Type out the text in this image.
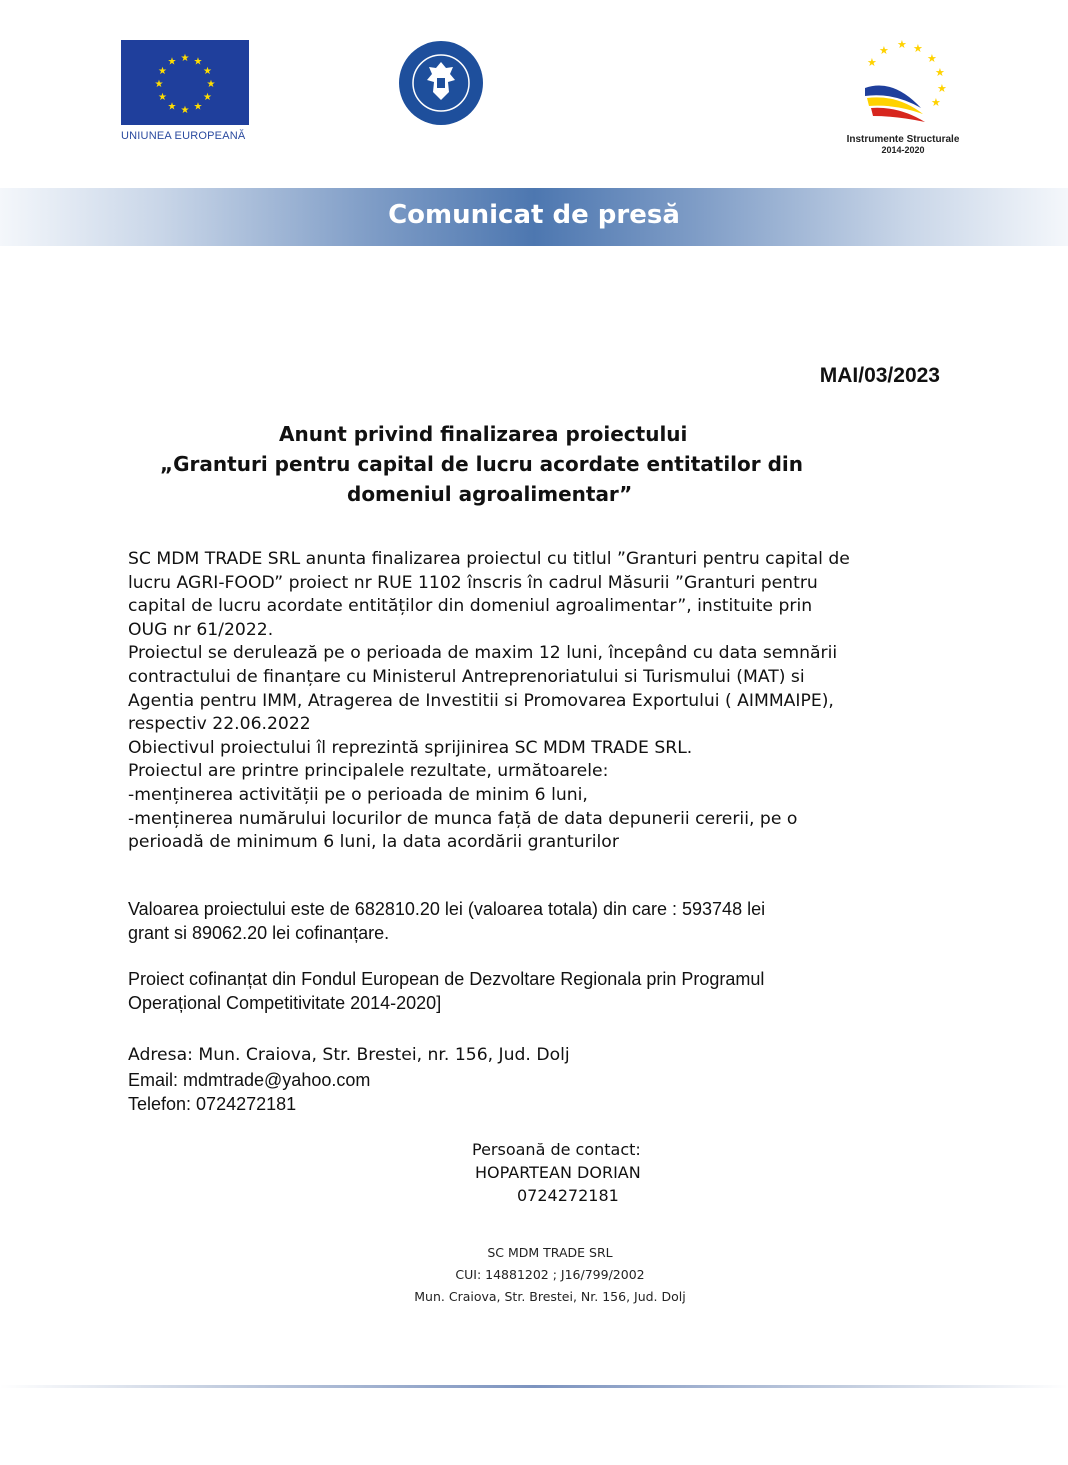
★ ★
★
★
★
★
★
★
★
★
★
★
UNIUNEA EUROPEANĂ
★ ★
★
★
★
★
★
★
Instrumente Structurale
2014-2020
Comunicat de presă
MAI/03/2023
Anunt privind finalizarea proiectului
„Granturi pentru capital de lucru acordate entitatilor din
domeniul agroalimentar”
SC MDM TRADE SRL anunta finalizarea proiectul cu titlul ”Granturi pentru capital de
lucru AGRI-FOOD” proiect nr RUE 1102 înscris în cadrul Măsurii ”Granturi pentru
capital de lucru acordate entităților din domeniul agroalimentar”, instituite prin
OUG nr 61/2022.
Proiectul se derulează pe o perioada de maxim 12 luni, începând cu data semnării
contractului de finanțare cu Ministerul Antreprenoriatului si Turismului (MAT) si
Agentia pentru IMM, Atragerea de Investitii si Promovarea Exportului ( AIMMAIPE),
respectiv 22.06.2022
Obiectivul proiectului îl reprezintă sprijinirea SC MDM TRADE SRL.
Proiectul are printre principalele rezultate, următoarele:
-menținerea activității pe o perioada de minim 6 luni,
-menținerea numărului locurilor de munca față de data depunerii cererii, pe o
perioadă de minimum 6 luni, la data acordării granturilor
Valoarea proiectului este de 682810.20 lei (valoarea totala) din care : 593748 lei
grant si 89062.20 lei cofinanțare.
Proiect cofinanțat din Fondul European de Dezvoltare Regionala prin Programul
Operațional Competitivitate 2014-2020]
Adresa: Mun. Craiova, Str. Brestei, nr. 156, Jud. Dolj
Email: mdmtrade@yahoo.com
Telefon: 0724272181
Persoană de contact:
HOPARTEAN DORIAN
0724272181
SC MDM TRADE SRL
CUI: 14881202 ; J16/799/2002
Mun. Craiova, Str. Brestei, Nr. 156, Jud. Dolj
